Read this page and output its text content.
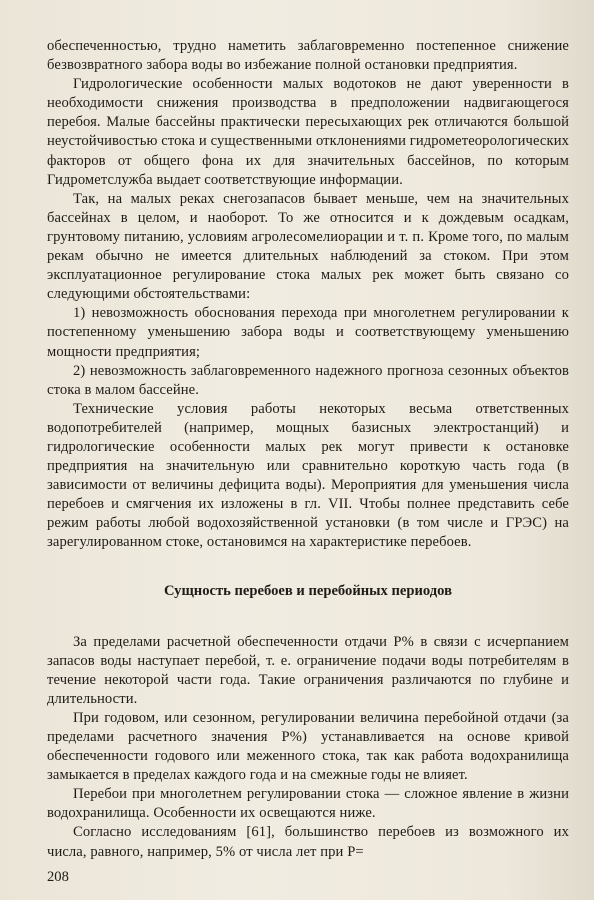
обеспеченностью, трудно наметить заблаговременно постепенное снижение безвозвратного забора воды во избежание полной остановки предприятия.

Гидрологические особенности малых водотоков не дают уверенности в необходимости снижения производства в предположении надвигающегося перебоя. Малые бассейны практически пересыхающих рек отличаются большой неустойчивостью стока и существенными отклонениями гидрометеорологических факторов от общего фона их для значительных бассейнов, по которым Гидрометслужба выдает соответствующие информации.

Так, на малых реках снегозапасов бывает меньше, чем на значительных бассейнах в целом, и наоборот. То же относится и к дождевым осадкам, грунтовому питанию, условиям агролесомелиорации и т. п. Кроме того, по малым рекам обычно не имеется длительных наблюдений за стоком. При этом эксплуатационное регулирование стока малых рек может быть связано со следующими обстоятельствами:

1) невозможность обоснования перехода при многолетнем регулировании к постепенному уменьшению забора воды и соответствующему уменьшению мощности предприятия;

2) невозможность заблаговременного надежного прогноза сезонных объектов стока в малом бассейне.

Технические условия работы некоторых весьма ответственных водопотребителей (например, мощных базисных электростанций) и гидрологические особенности малых рек могут привести к остановке предприятия на значительную или сравнительно короткую часть года (в зависимости от величины дефицита воды). Мероприятия для уменьшения числа перебоев и смягчения их изложены в гл. VII. Чтобы полнее представить себе режим работы любой водохозяйственной установки (в том числе и ГРЭС) на зарегулированном стоке, остановимся на характеристике перебоев.

Сущность перебоев и перебойных периодов

За пределами расчетной обеспеченности отдачи P% в связи с исчерпанием запасов воды наступает перебой, т. е. ограничение подачи воды потребителям в течение некоторой части года. Такие ограничения различаются по глубине и длительности.

При годовом, или сезонном, регулировании величина перебойной отдачи (за пределами расчетного значения P%) устанавливается на основе кривой обеспеченности годового или меженного стока, так как работа водохранилища замыкается в пределах каждого года и на смежные годы не влияет.

Перебои при многолетнем регулировании стока — сложное явление в жизни водохранилища. Особенности их освещаются ниже.

Согласно исследованиям [61], большинство перебоев из возможного их числа, равного, например, 5% от числа лет при P=

208
